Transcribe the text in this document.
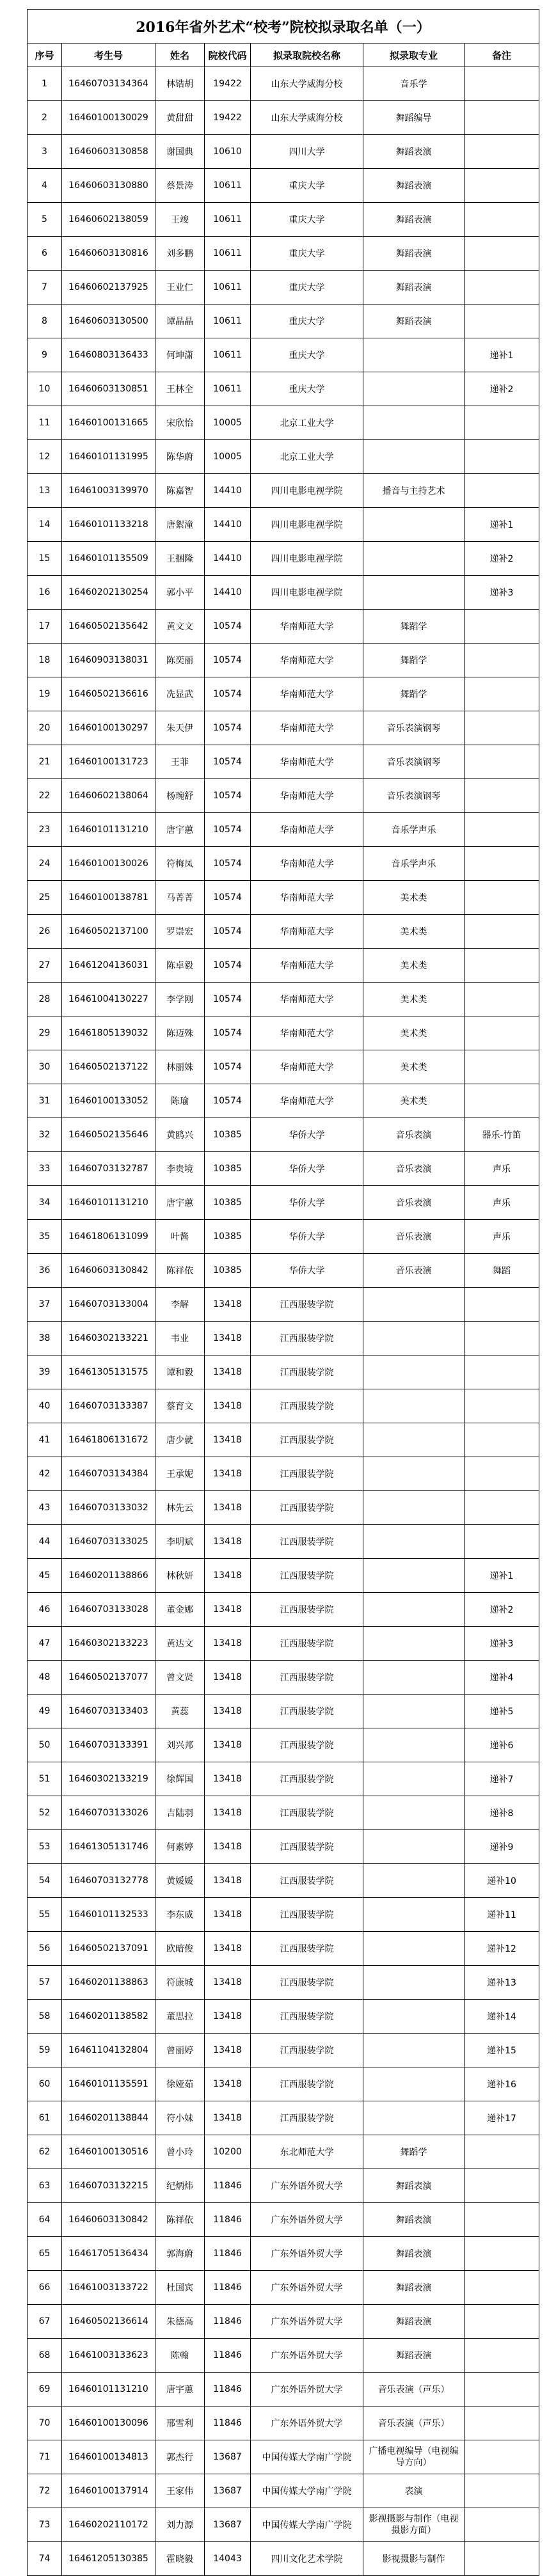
2016年省外艺术“校考”院校拟录取名单（一）						
序号	考生号	姓名	院校代码	拟录取院校名称	拟录取专业	备注
1	16460703134364	林锆胡	19422	山东大学威海分校	音乐学	
2	16460100130029	黄甜甜	19422	山东大学威海分校	舞蹈编导	
3	16460603130858	谢国典	10610	四川大学	舞蹈表演	
4	16460603130880	蔡景涛	10611	重庆大学	舞蹈表演	
5	16460602138059	王竣	10611	重庆大学	舞蹈表演	
6	16460603130816	刘多鹏	10611	重庆大学	舞蹈表演	
7	16460602137925	王业仁	10611	重庆大学	舞蹈表演	
8	16460603130500	谭晶晶	10611	重庆大学	舞蹈表演	
9	16460803136433	何坤潇	10611	重庆大学		递补1
10	16460603130851	王林全	10611	重庆大学		递补2
11	16460100131665	宋欣怡	10005	北京工业大学		
12	16460101131995	陈华蔚	10005	北京工业大学		
13	16461003139970	陈嘉智	14410	四川电影电视学院	播音与主持艺术	
14	16460101133218	唐絮潼	14410	四川电影电视学院		递补1
15	16460101135509	王捆隆	14410	四川电影电视学院		递补2
16	16460202130254	郭小平	14410	四川电影电视学院		递补3
17	16460502135642	黄文文	10574	华南师范大学	舞蹈学	
18	16460903138031	陈奕丽	10574	华南师范大学	舞蹈学	
19	16460502136616	冼显武	10574	华南师范大学	舞蹈学	
20	16460100130297	朱天伊	10574	华南师范大学	音乐表演钢琴	
21	16460100131723	王菲	10574	华南师范大学	音乐表演钢琴	
22	16460602138064	杨琬舒	10574	华南师范大学	音乐表演钢琴	
23	16460101131210	唐宇蕙	10574	华南师范大学	音乐学声乐	
24	16460100130026	符梅凤	10574	华南师范大学	音乐学声乐	
25	16460100138781	马菁菁	10574	华南师范大学	美术类	
26	16460502137100	罗崇宏	10574	华南师范大学	美术类	
27	16461204136031	陈卓毅	10574	华南师范大学	美术类	
28	16461004130227	李学刚	10574	华南师范大学	美术类	
29	16461805139032	陈迈殊	10574	华南师范大学	美术类	
30	16460502137122	林丽姝	10574	华南师范大学	美术类	
31	16460100133052	陈瑜	10574	华南师范大学	美术类	
32	16460502135646	黄鸥兴	10385	华侨大学	音乐表演	器乐-竹笛
33	16460703132787	李贵境	10385	华侨大学	音乐表演	声乐
34	16460101131210	唐宇蕙	10385	华侨大学	音乐表演	声乐
35	16461806131099	叶酱	10385	华侨大学	音乐表演	声乐
36	16460603130842	陈祥依	10385	华侨大学	音乐表演	舞蹈
37	16460703133004	李解	13418	江西服装学院		
38	16460302133221	韦业	13418	江西服装学院		
39	16461305131575	谭和毅	13418	江西服装学院		
40	16460703133387	蔡育文	13418	江西服装学院		
41	16461806131672	唐少就	13418	江西服装学院		
42	16460703134384	王承妮	13418	江西服装学院		
43	16460703133032	林先云	13418	江西服装学院		
44	16460703133025	李明斌	13418	江西服装学院		
45	16460201138866	林秋妍	13418	江西服装学院		递补1
46	16460703133028	董金娜	13418	江西服装学院		递补2
47	16460302133223	黄达文	13418	江西服装学院		递补3
48	16460502137077	曾文贤	13418	江西服装学院		递补4
49	16460703133403	黄蕊	13418	江西服装学院		递补5
50	16460703133391	刘兴邦	13418	江西服装学院		递补6
51	16460302133219	徐辉国	13418	江西服装学院		递补7
52	16460703133026	吉陆羽	13418	江西服装学院		递补8
53	16461305131746	何素婷	13418	江西服装学院		递补9
54	16460703132778	黄媛媛	13418	江西服装学院		递补10
55	16460101132533	李东威	13418	江西服装学院		递补11
56	16460502137091	欧暗俊	13418	江西服装学院		递补12
57	16460201138863	符康城	13418	江西服装学院		递补13
58	16460201138582	董思拉	13418	江西服装学院		递补14
59	16461104132804	曾丽婷	13418	江西服装学院		递补15
60	16460101135591	徐娅茹	13418	江西服装学院		递补16
61	16460201138844	符小妹	13418	江西服装学院		递补17
62	16460100130516	曾小玲	10200	东北师范大学	舞蹈学	
63	16460703132215	纪炳炜	11846	广东外语外贸大学	舞蹈表演	
64	16460603130842	陈祥依	11846	广东外语外贸大学	舞蹈表演	
65	16461705136434	郭海蔚	11846	广东外语外贸大学	舞蹈表演	
66	16461003133722	杜国宾	11846	广东外语外贸大学	舞蹈表演	
67	16460502136614	朱德高	11846	广东外语外贸大学	舞蹈表演	
68	16461003133623	陈翰	11846	广东外语外贸大学	舞蹈表演	
69	16460101131210	唐宇蕙	11846	广东外语外贸大学	音乐表演（声乐）	
70	16460100130096	邢雪利	11846	广东外语外贸大学	音乐表演（声乐）	
71	16460100134813	郭杰行	13687	中国传媒大学南广学院	广播电视编导（电视编导方向）	
72	16460100137914	王家伟	13687	中国传媒大学南广学院	表演	
73	16460202110172	刘力源	13687	中国传媒大学南广学院	影视摄影与制作（电视摄影方面）	
74	16461205130385	霍晓毅	14043	四川文化艺术学院	影视摄影与制作	
